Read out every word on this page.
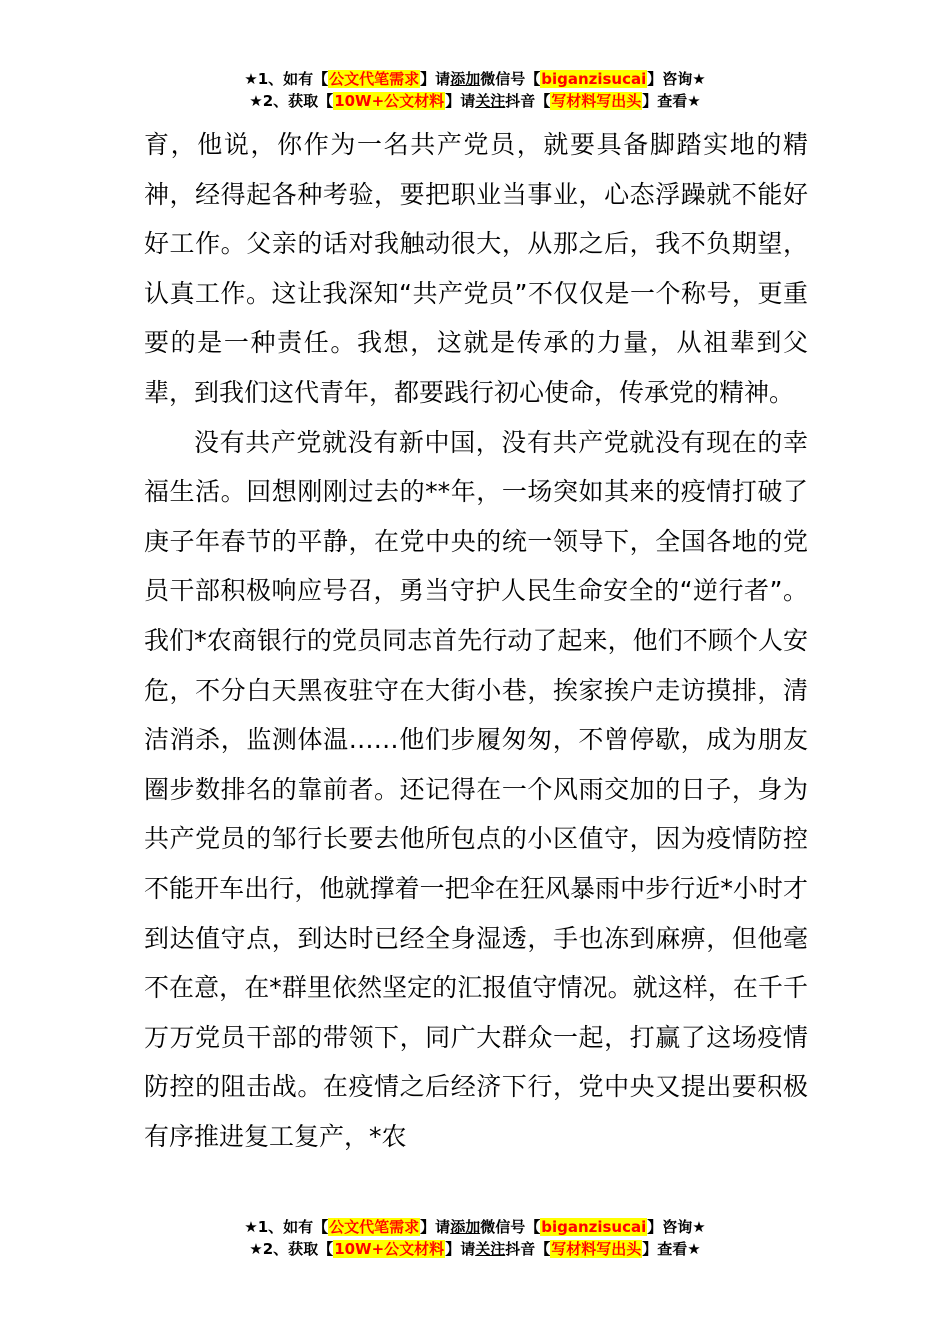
★1、如有【公文代笔需求】请添加微信号【biganzisucai】咨询★
★2、获取【10W+公文材料】请关注抖音【写材料写出头】查看★

育，他说，你作为一名共产党员，就要具备脚踏实地的精神，经得起各种考验，要把职业当事业，心态浮躁就不能好好工作。父亲的话对我触动很大，从那之后，我不负期望，认真工作。这让我深知“共产党员”不仅仅是一个称号，更重要的是一种责任。我想，这就是传承的力量，从祖辈到父辈，到我们这代青年，都要践行初心使命，传承党的精神。

没有共产党就没有新中国，没有共产党就没有现在的幸福生活。回想刚刚过去的**年，一场突如其来的疫情打破了庚子年春节的平静，在党中央的统一领导下，全国各地的党员干部积极响应号召，勇当守护人民生命安全的“逆行者”。我们*农商银行的党员同志首先行动了起来，他们不顾个人安危，不分白天黑夜驻守在大街小巷，挨家挨户走访摸排，清洁消杀，监测体温……他们步履匆匆，不曾停歇，成为朋友圈步数排名的靠前者。还记得在一个风雨交加的日子，身为共产党员的邹行长要去他所包点的小区值守，因为疫情防控不能开车出行，他就撑着一把伞在狂风暴雨中步行近*小时才到达值守点，到达时已经全身湿透，手也冻到麻痹，但他毫不在意，在*群里依然坚定的汇报值守情况。就这样，在千千万万党员干部的带领下，同广大群众一起，打赢了这场疫情防控的阻击战。在疫情之后经济下行，党中央又提出要积极有序推进复工复产，*农

★1、如有【公文代笔需求】请添加微信号【biganzisucai】咨询★
★2、获取【10W+公文材料】请关注抖音【写材料写出头】查看★
